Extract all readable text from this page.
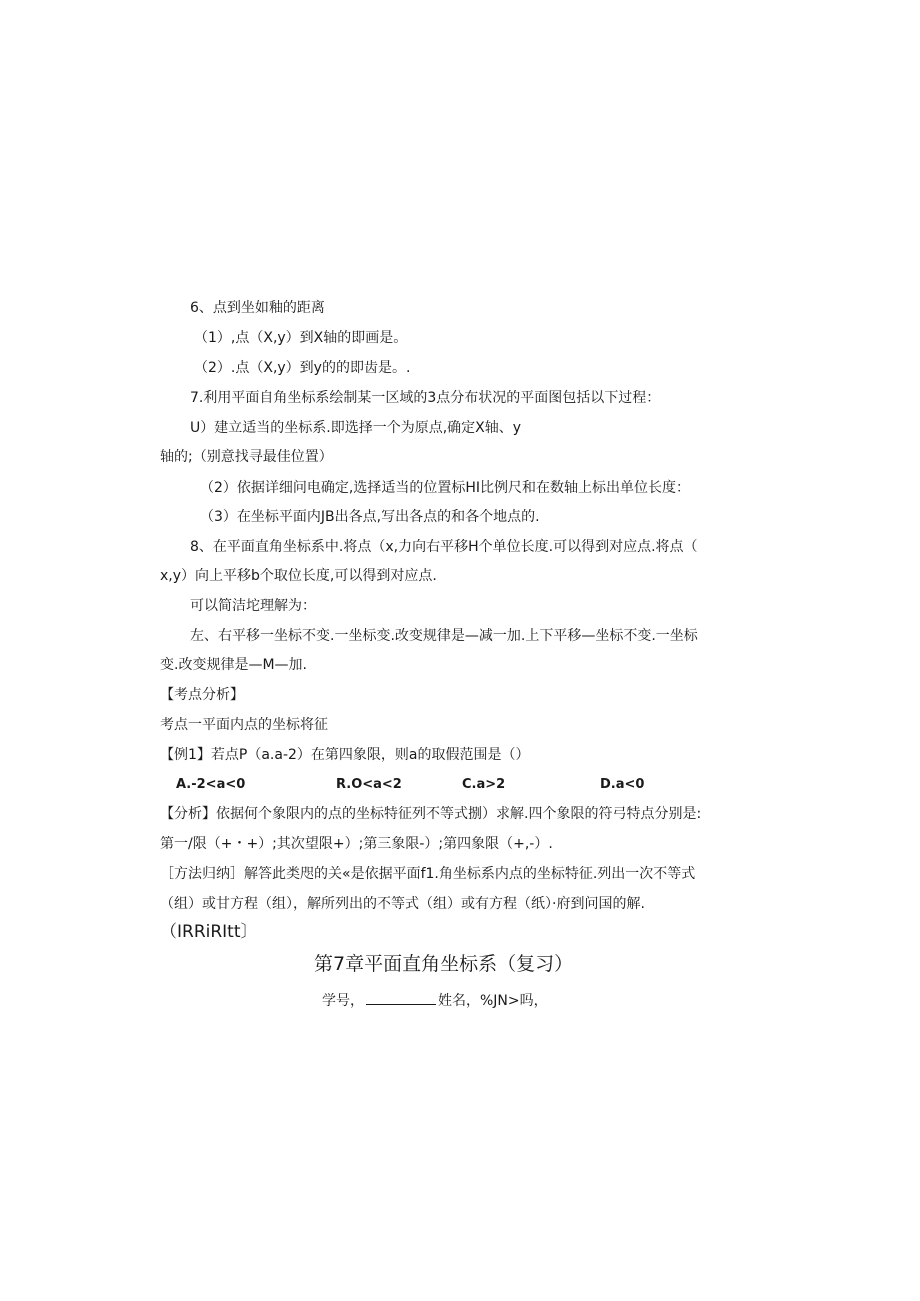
6、点到坐如釉的距离
（1）,点（X,y）到X轴的即画是。
（2）.点（X,y）到y的的即齿是。.
7.利用平面自角坐标系绘制某一区域的3点分布状况的平面图包括以下过程：
U）建立适当的坐标系.即选择一个为原点,确定X轴、y
轴的;（别意找寻最佳位置）
（2）依据详细问电确定,选择适当的位置标HI比例尺和在数轴上标出单位长度：
（3）在坐标平面内JB出各点,写出各点的和各个地点的.
8、在平面直角坐标系中.将点（x,力向右平移H个单位长度.可以得到对应点.将点（
x,y）向上平移b个取位长度,可以得到对应点.
可以简洁坨理解为：
左、右平移一坐标不变.一坐标变.改变规律是—减一加.上下平移—坐标不变.一坐标
变.改变规律是—M—加.
【考点分析】
考点一平面内点的坐标将征
【例1】若点P（a.a-2）在第四象限，则a的取假范围是（）
A.-2<a<0	R.O<a<2	C.a>2	D.a<0
【分析】依据何个象限内的点的坐标特征列不等式捌）求解.四个象限的符弓特点分别是:
第一/限（+・+）;其次望限+）;第三象限-）;第四象限（+,-）.
［方法归纳］解答此类咫的关«是依据平面f1.角坐标系内点的坐标特征.列出一次不等式
（组）或甘方程（组），解所列出的不等式（组）或有方程（纸）·府到问国的解.
（IRRiRItt〕
第7章平面直角坐标系（复习）
学号，	姓名，%JN>吗，
